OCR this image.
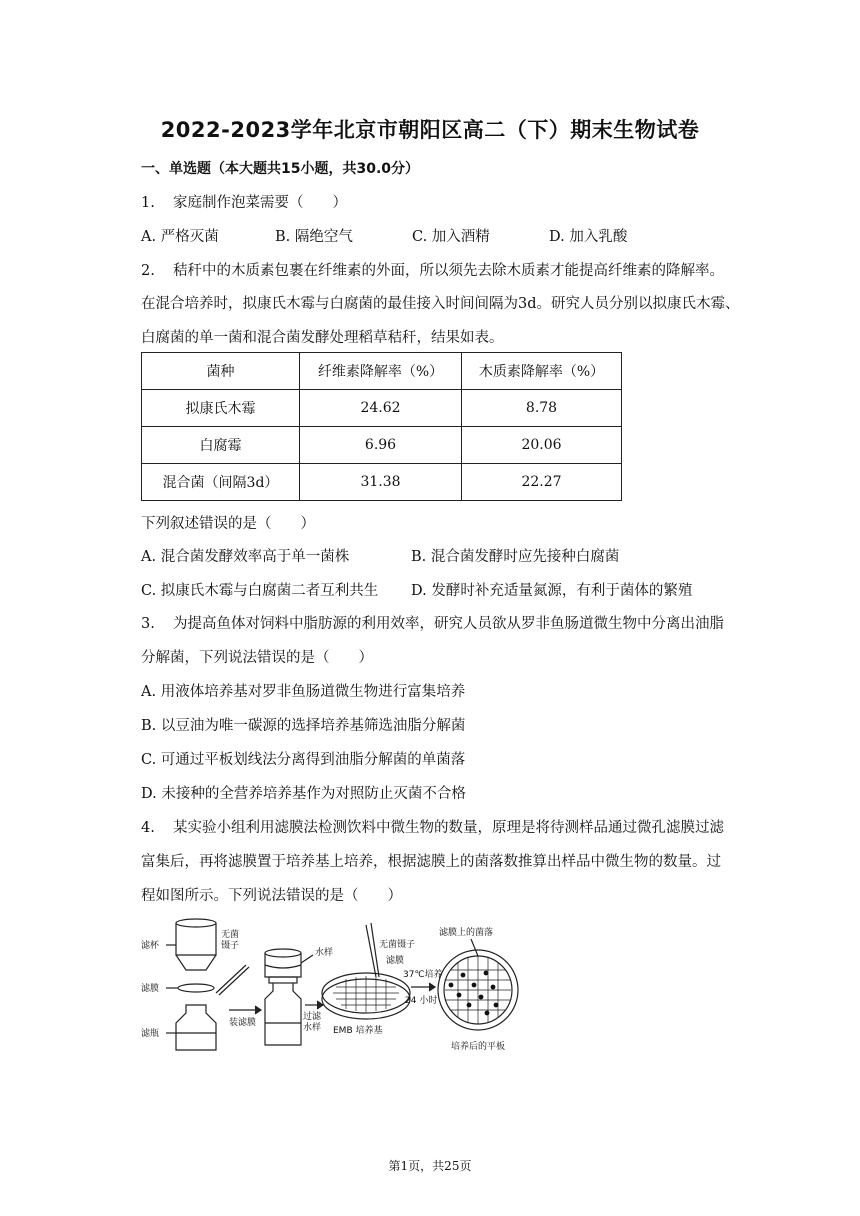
2022-2023学年北京市朝阳区高二（下）期末生物试卷
一、单选题（本大题共15小题，共30.0分）
1. 家庭制作泡菜需要（　　）
A. 严格灭菌	B. 隔绝空气	C. 加入酒精	D. 加入乳酸
2. 秸秆中的木质素包裹在纤维素的外面，所以须先去除木质素才能提高纤维素的降解率。
在混合培养时，拟康氏木霉与白腐菌的最佳接入时间间隔为3d。研究人员分别以拟康氏木霉、
白腐菌的单一菌和混合菌发酵处理稻草秸秆，结果如表。
菌种	纤维素降解率（%）	木质素降解率（%）
拟康氏木霉	24.62	8.78
白腐霉	6.96	20.06
混合菌（间隔3d）	31.38	22.27
下列叙述错误的是（　　）
A. 混合菌发酵效率高于单一菌株	B. 混合菌发酵时应先接种白腐菌
C. 拟康氏木霉与白腐菌二者互利共生 D. 发酵时补充适量氮源，有利于菌体的繁殖
3. 为提高鱼体对饲料中脂肪源的利用效率，研究人员欲从罗非鱼肠道微生物中分离出油脂
分解菌，下列说法错误的是（　　）
A. 用液体培养基对罗非鱼肠道微生物进行富集培养
B. 以豆油为唯一碳源的选择培养基筛选油脂分解菌
C. 可通过平板划线法分离得到油脂分解菌的单菌落
D. 未接种的全营养培养基作为对照防止灭菌不合格
4. 某实验小组利用滤膜法检测饮料中微生物的数量，原理是将待测样品通过微孔滤膜过滤
富集后，再将滤膜置于培养基上培养，根据滤膜上的菌落数推算出样品中微生物的数量。过
程如图所示。下列说法错误的是（　　）
滤杯
滤膜
滤瓶
无菌
镊子
装滤膜
水样
过滤
水样
无菌镊子
滤膜
EMB 培养基
37℃培养
24 小时
滤膜上的菌落
培养后的平板
第1页，共25页
